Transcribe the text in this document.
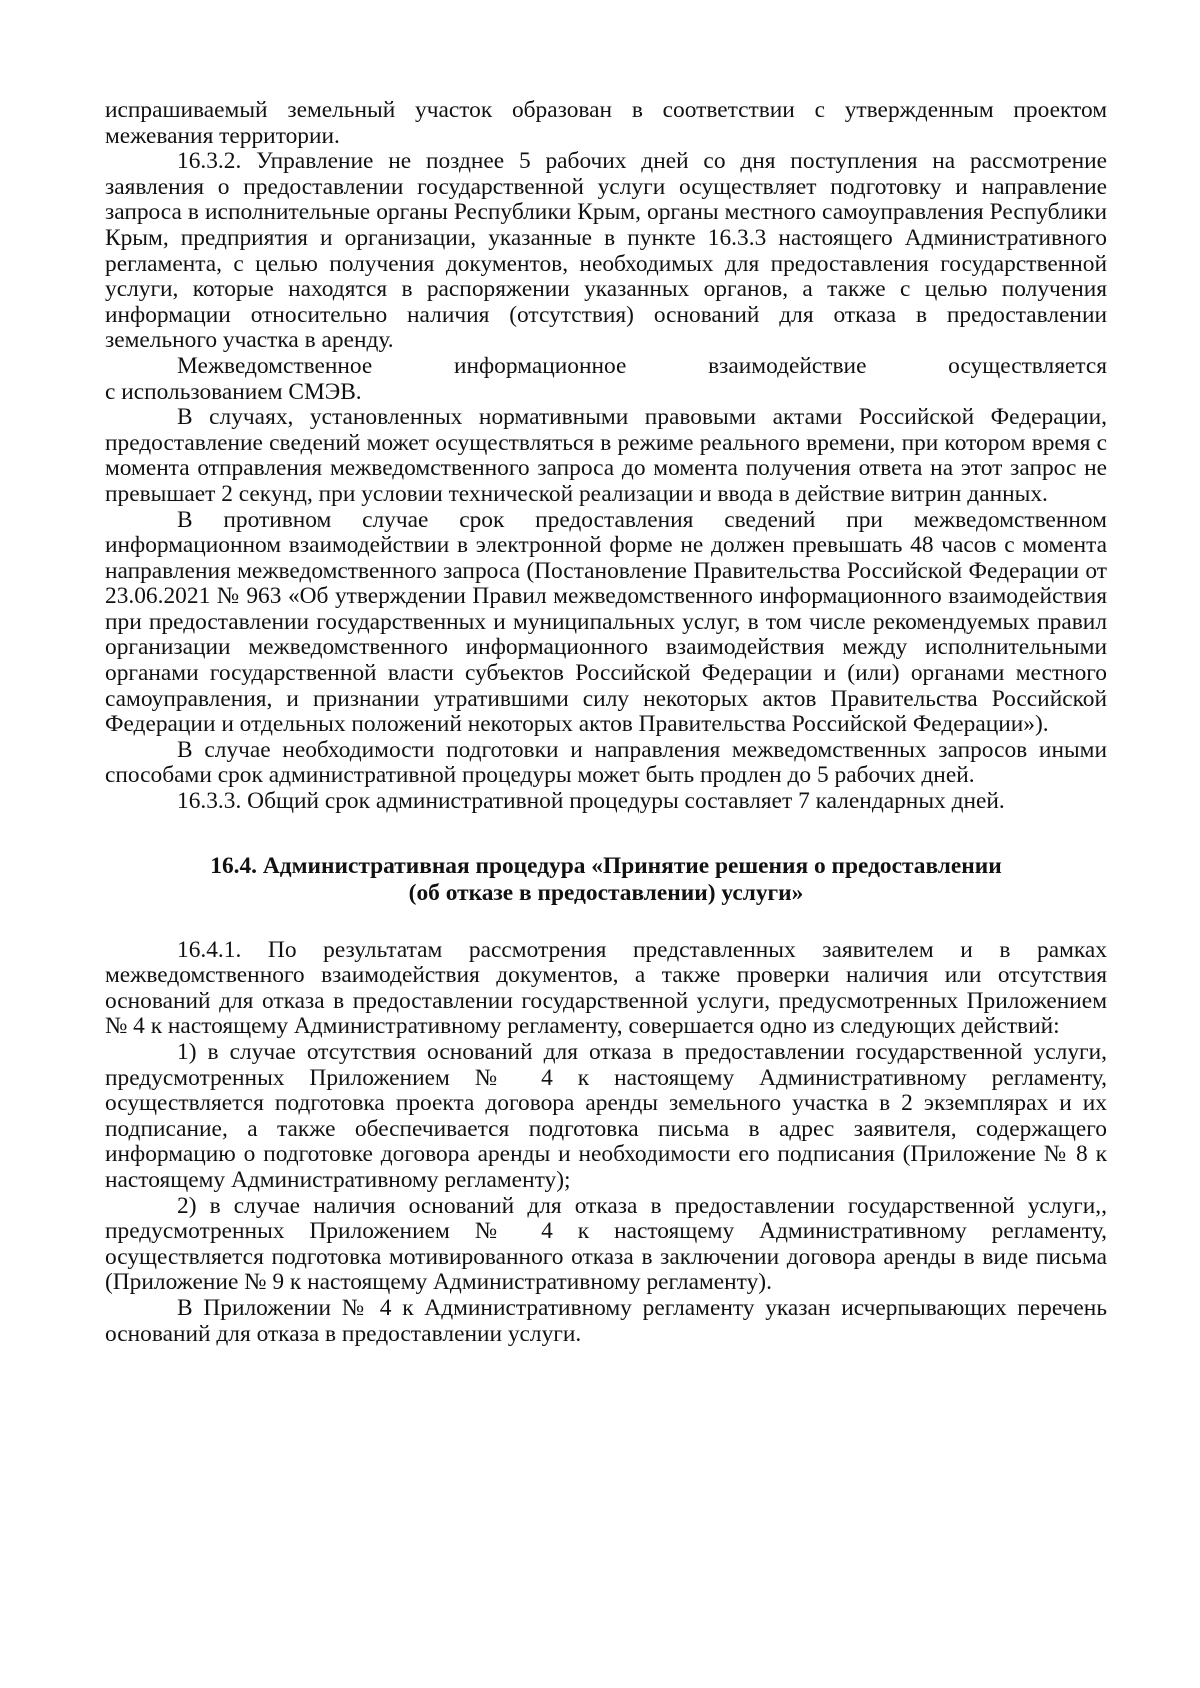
испрашиваемый земельный участок образован в соответствии с утвержденным проектом межевания территории.

16.3.2. Управление не позднее 5 рабочих дней со дня поступления на рассмотрение заявления о предоставлении государственной услуги осуществляет подготовку и направление запроса в исполнительные органы Республики Крым, органы местного самоуправления Республики Крым, предприятия и организации, указанные в пункте 16.3.3 настоящего Административного регламента, с целью получения документов, необходимых для предоставления государственной услуги, которые находятся в распоряжении указанных органов, а также с целью получения информации относительно наличия (отсутствия) оснований для отказа в предоставлении земельного участка в аренду.

Межведомственное информационное взаимодействие осуществляется

с использованием СМЭВ.

В случаях, установленных нормативными правовыми актами Российской Федерации, предоставление сведений может осуществляться в режиме реального времени, при котором время с момента отправления межведомственного запроса до момента получения ответа на этот запрос не превышает 2 секунд, при условии технической реализации и ввода в действие витрин данных.

В противном случае срок предоставления сведений при межведомственном информационном взаимодействии в электронной форме не должен превышать 48 часов с момента направления межведомственного запроса (Постановление Правительства Российской Федерации от 23.06.2021 № 963 «Об утверждении Правил межведомственного информационного взаимодействия при предоставлении государственных и муниципальных услуг, в том числе рекомендуемых правил организации межведомственного информационного взаимодействия между исполнительными органами государственной власти субъектов Российской Федерации и (или) органами местного самоуправления, и признании утратившими силу некоторых актов Правительства Российской Федерации и отдельных положений некоторых актов Правительства Российской Федерации»).

В случае необходимости подготовки и направления межведомственных запросов иными способами срок административной процедуры может быть продлен до 5 рабочих дней.

16.3.3. Общий срок административной процедуры составляет 7 календарных дней.

16.4. Административная процедура «Принятие решения о предоставлении
(об отказе в предоставлении) услуги»

16.4.1. По результатам рассмотрения представленных заявителем и в рамках межведомственного взаимодействия документов, а также проверки наличия или отсутствия оснований для отказа в предоставлении государственной услуги, предусмотренных Приложением № 4 к настоящему Административному регламенту, совершается одно из следующих действий:

1) в случае отсутствия оснований для отказа в предоставлении государственной услуги, предусмотренных Приложением № 4 к настоящему Административному регламенту, осуществляется подготовка проекта договора аренды земельного участка в 2 экземплярах и их подписание, а также обеспечивается подготовка письма в адрес заявителя, содержащего информацию о подготовке договора аренды и необходимости его подписания (Приложение № 8 к настоящему Административному регламенту);

2) в случае наличия оснований для отказа в предоставлении государственной услуги,, предусмотренных Приложением № 4 к настоящему Административному регламенту, осуществляется подготовка мотивированного отказа в заключении договора аренды в виде письма (Приложение № 9 к настоящему Административному регламенту).

В Приложении № 4 к Административному регламенту указан исчерпывающих перечень оснований для отказа в предоставлении услуги.
